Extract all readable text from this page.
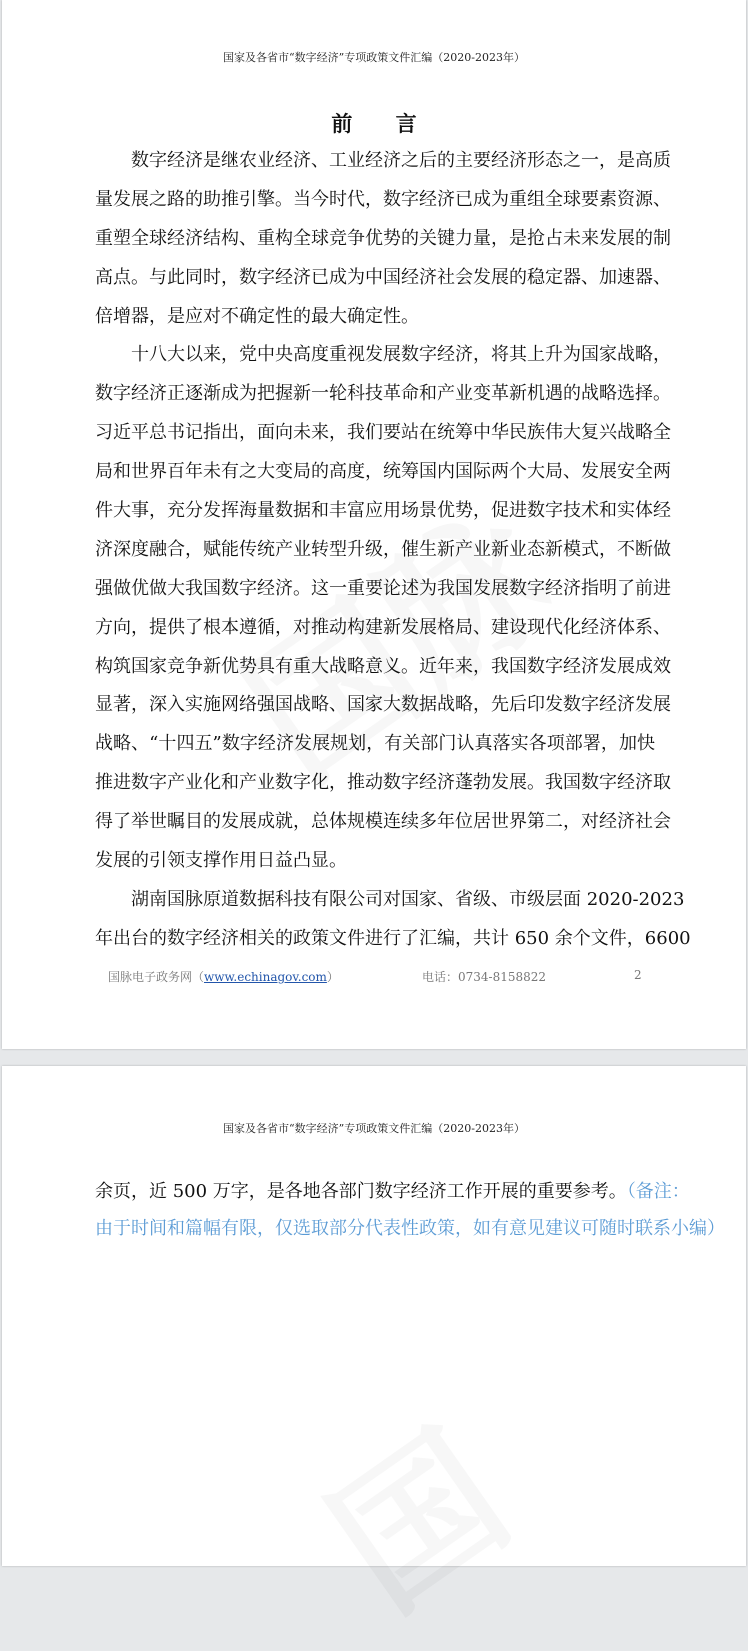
国家及各省市“数字经济”专项政策文件汇编（2020-2023年）
前 言
数字经济是继农业经济、工业经济之后的主要经济形态之一，是高质
量发展之路的助推引擎。当今时代，数字经济已成为重组全球要素资源、
重塑全球经济结构、重构全球竞争优势的关键力量，是抢占未来发展的制
高点。与此同时，数字经济已成为中国经济社会发展的稳定器、加速器、
倍增器，是应对不确定性的最大确定性。
十八大以来，党中央高度重视发展数字经济，将其上升为国家战略，
数字经济正逐渐成为把握新一轮科技革命和产业变革新机遇的战略选择。
习近平总书记指出，面向未来，我们要站在统筹中华民族伟大复兴战略全
局和世界百年未有之大变局的高度，统筹国内国际两个大局、发展安全两
件大事，充分发挥海量数据和丰富应用场景优势，促进数字技术和实体经
济深度融合，赋能传统产业转型升级，催生新产业新业态新模式，不断做
强做优做大我国数字经济。这一重要论述为我国发展数字经济指明了前进
方向，提供了根本遵循，对推动构建新发展格局、建设现代化经济体系、
构筑国家竞争新优势具有重大战略意义。近年来，我国数字经济发展成效
显著，深入实施网络强国战略、国家大数据战略，先后印发数字经济发展
战略、“十四五”数字经济发展规划，有关部门认真落实各项部署，加快
推进数字产业化和产业数字化，推动数字经济蓬勃发展。我国数字经济取
得了举世瞩目的发展成就，总体规模连续多年位居世界第二，对经济社会
发展的引领支撑作用日益凸显。
湖南国脉原道数据科技有限公司对国家、省级、市级层面 2020-2023
年出台的数字经济相关的政策文件进行了汇编，共计 650 余个文件，6600
国脉电子政务网（www.echinagov.com）	电话：0734-8158822	2
国家及各省市“数字经济”专项政策文件汇编（2020-2023年）
余页，近 500 万字，是各地各部门数字经济工作开展的重要参考。（备注：
由于时间和篇幅有限，仅选取部分代表性政策，如有意见建议可随时联系小编）
